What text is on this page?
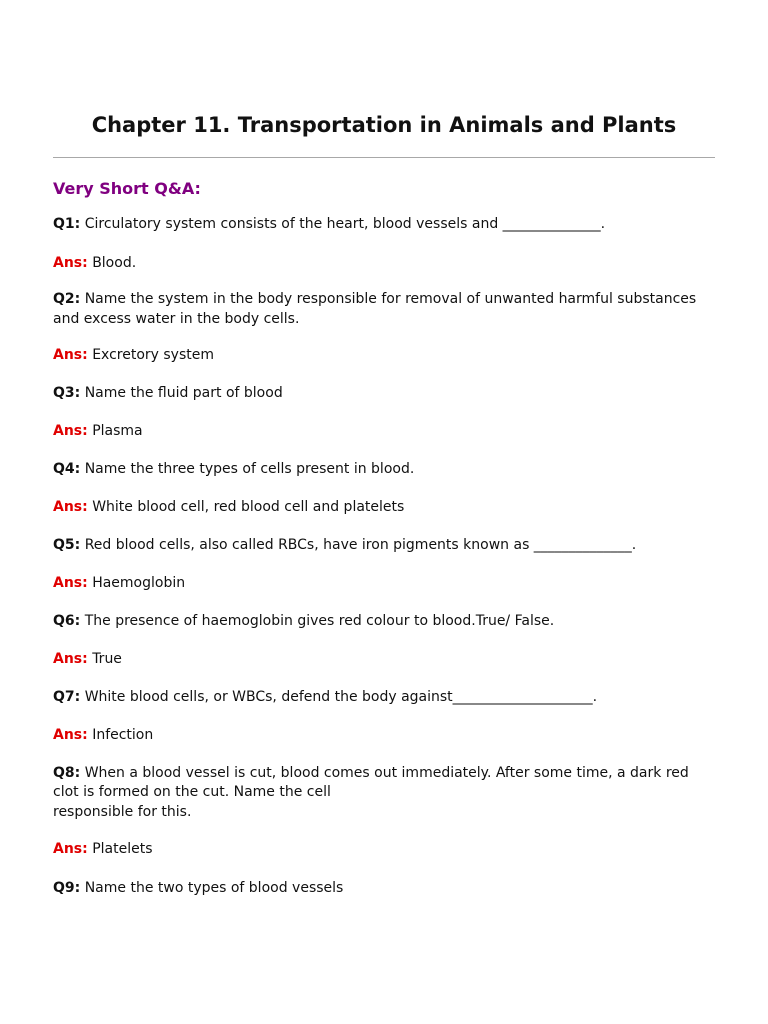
Chapter 11. Transportation in Animals and Plants
Very Short Q&A:

Q1: Circulatory system consists of the heart, blood vessels and ______________.

Ans: Blood.

Q2: Name the system in the body responsible for removal of unwanted harmful substances and excess water in the body cells.

Ans: Excretory system

Q3: Name the fluid part of blood

Ans: Plasma

Q4: Name the three types of cells present in blood.

Ans: White blood cell, red blood cell and platelets

Q5: Red blood cells, also called RBCs, have iron pigments known as ______________.

Ans: Haemoglobin

Q6: The presence of haemoglobin gives red colour to blood.True/ False.

Ans: True

Q7: White blood cells, or WBCs, defend the body against____________________.

Ans: Infection

Q8: When a blood vessel is cut, blood comes out immediately. After some time, a dark red clot is formed on the cut. Name the cell

responsible for this.

Ans: Platelets

Q9: Name the two types of blood vessels
